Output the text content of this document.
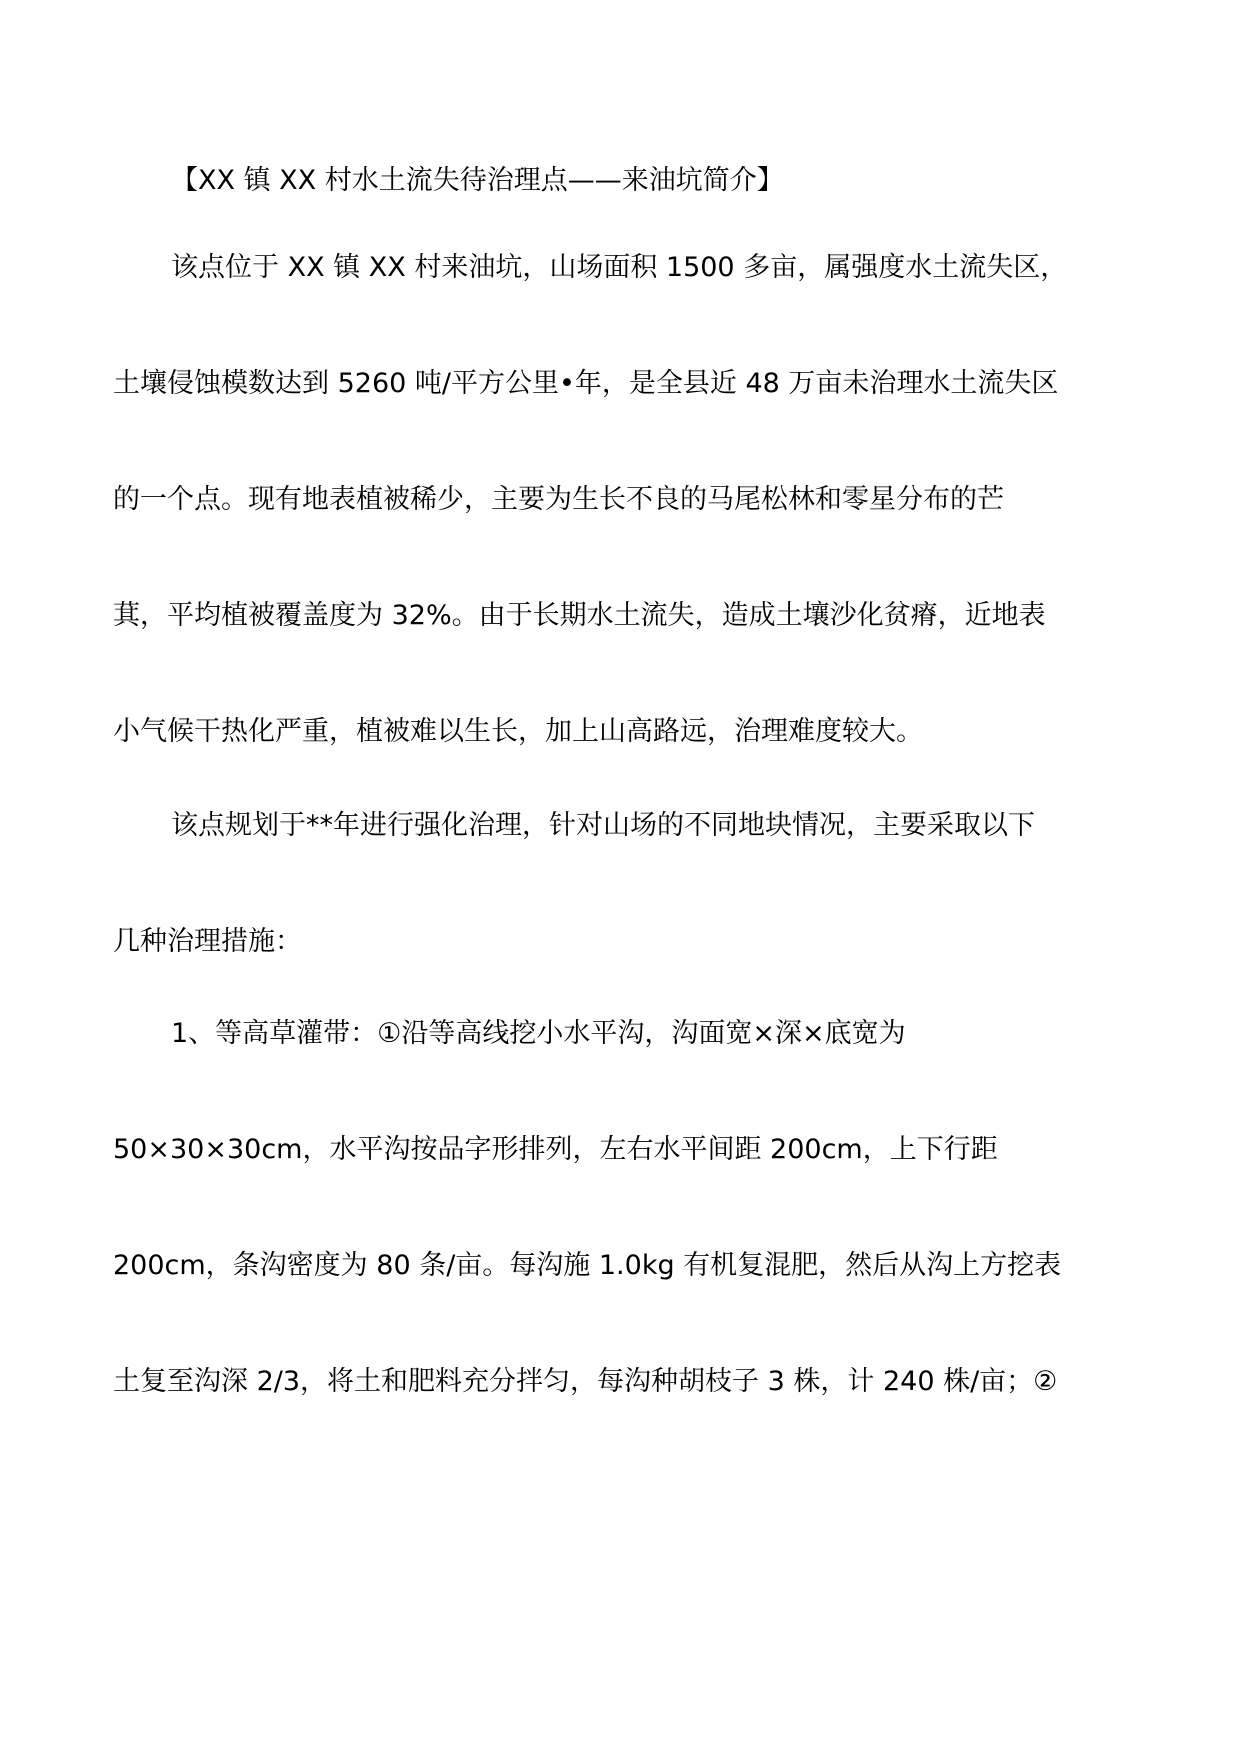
【XX 镇 XX 村水土流失待治理点——来油坑简介】
该点位于 XX 镇 XX 村来油坑，山场面积 1500 多亩，属强度水土流失区，
土壤侵蚀模数达到 5260 吨/平方公里•年，是全县近 48 万亩未治理水土流失区
的一个点。现有地表植被稀少，主要为生长不良的马尾松林和零星分布的芒
萁，平均植被覆盖度为 32%。由于长期水土流失，造成土壤沙化贫瘠，近地表
小气候干热化严重，植被难以生长，加上山高路远，治理难度较大。
该点规划于**年进行强化治理，针对山场的不同地块情况，主要采取以下
几种治理措施：
1、等高草灌带：①沿等高线挖小水平沟，沟面宽×深×底宽为
50×30×30cm，水平沟按品字形排列，左右水平间距 200cm，上下行距
200cm，条沟密度为 80 条/亩。每沟施 1.0kg 有机复混肥，然后从沟上方挖表
土复至沟深 2/3，将土和肥料充分拌匀，每沟种胡枝子 3 株，计 240 株/亩；②
